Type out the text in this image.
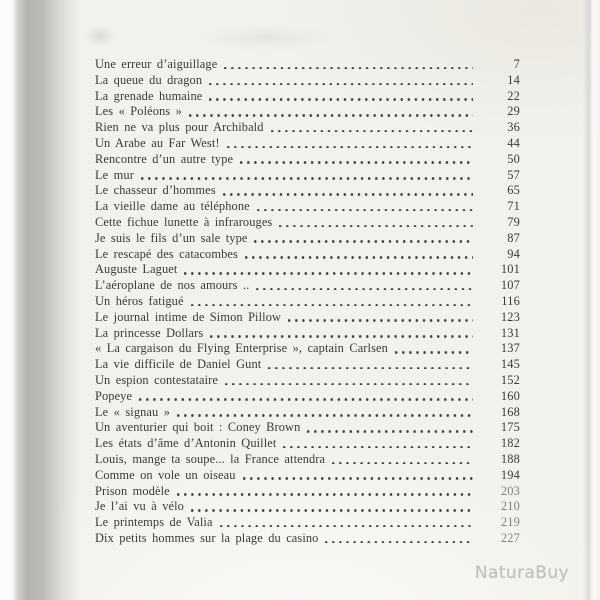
Une erreur d’aiguillage	7
La queue du dragon	14
La grenade humaine	22
Les « Poléons »	29
Rien ne va plus pour Archibald	36
Un Arabe au Far West!	44
Rencontre d’un autre type	50
Le mur	57
Le chasseur d’hommes	65
La vieille dame au téléphone	71
Cette fichue lunette à infrarouges	79
Je suis le fils d’un sale type	87
Le rescapé des catacombes	94
Auguste Laguet	101
L’aéroplane de nos amours ..	107
Un héros fatigué	116
Le journal intime de Simon Pillow	123
La princesse Dollars	131
« La cargaison du Flying Enterprise », captain Carlsen	137
La vie difficile de Daniel Gunt	145
Un espion contestataire	152
Popeye	160
Le « signau »	168
Un aventurier qui boit : Coney Brown	175
Les états d’âme d’Antonin Quillet	182
Louis, mange ta soupe... la France attendra	188
Comme on vole un oiseau	194
Prison modèle	203
Je l’ai vu à vélo	210
Le printemps de Valia	219
Dix petits hommes sur la plage du casino	227
NaturaBuy
